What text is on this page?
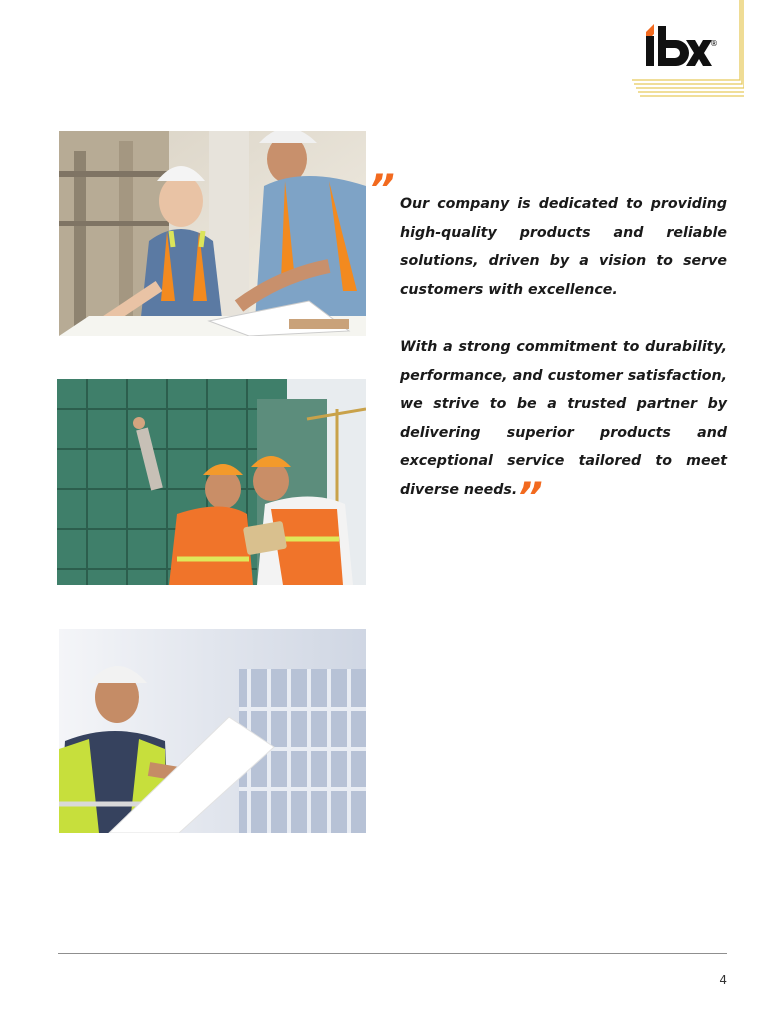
®
” Our company is dedicated to providing high-quality products and reliable solutions, driven by a vision to serve customers with excellence.

With a strong commitment to durability, performance, and customer satisfaction, we strive to be a trusted partner by delivering superior products and exceptional service tailored to meet diverse needs. ”
4
